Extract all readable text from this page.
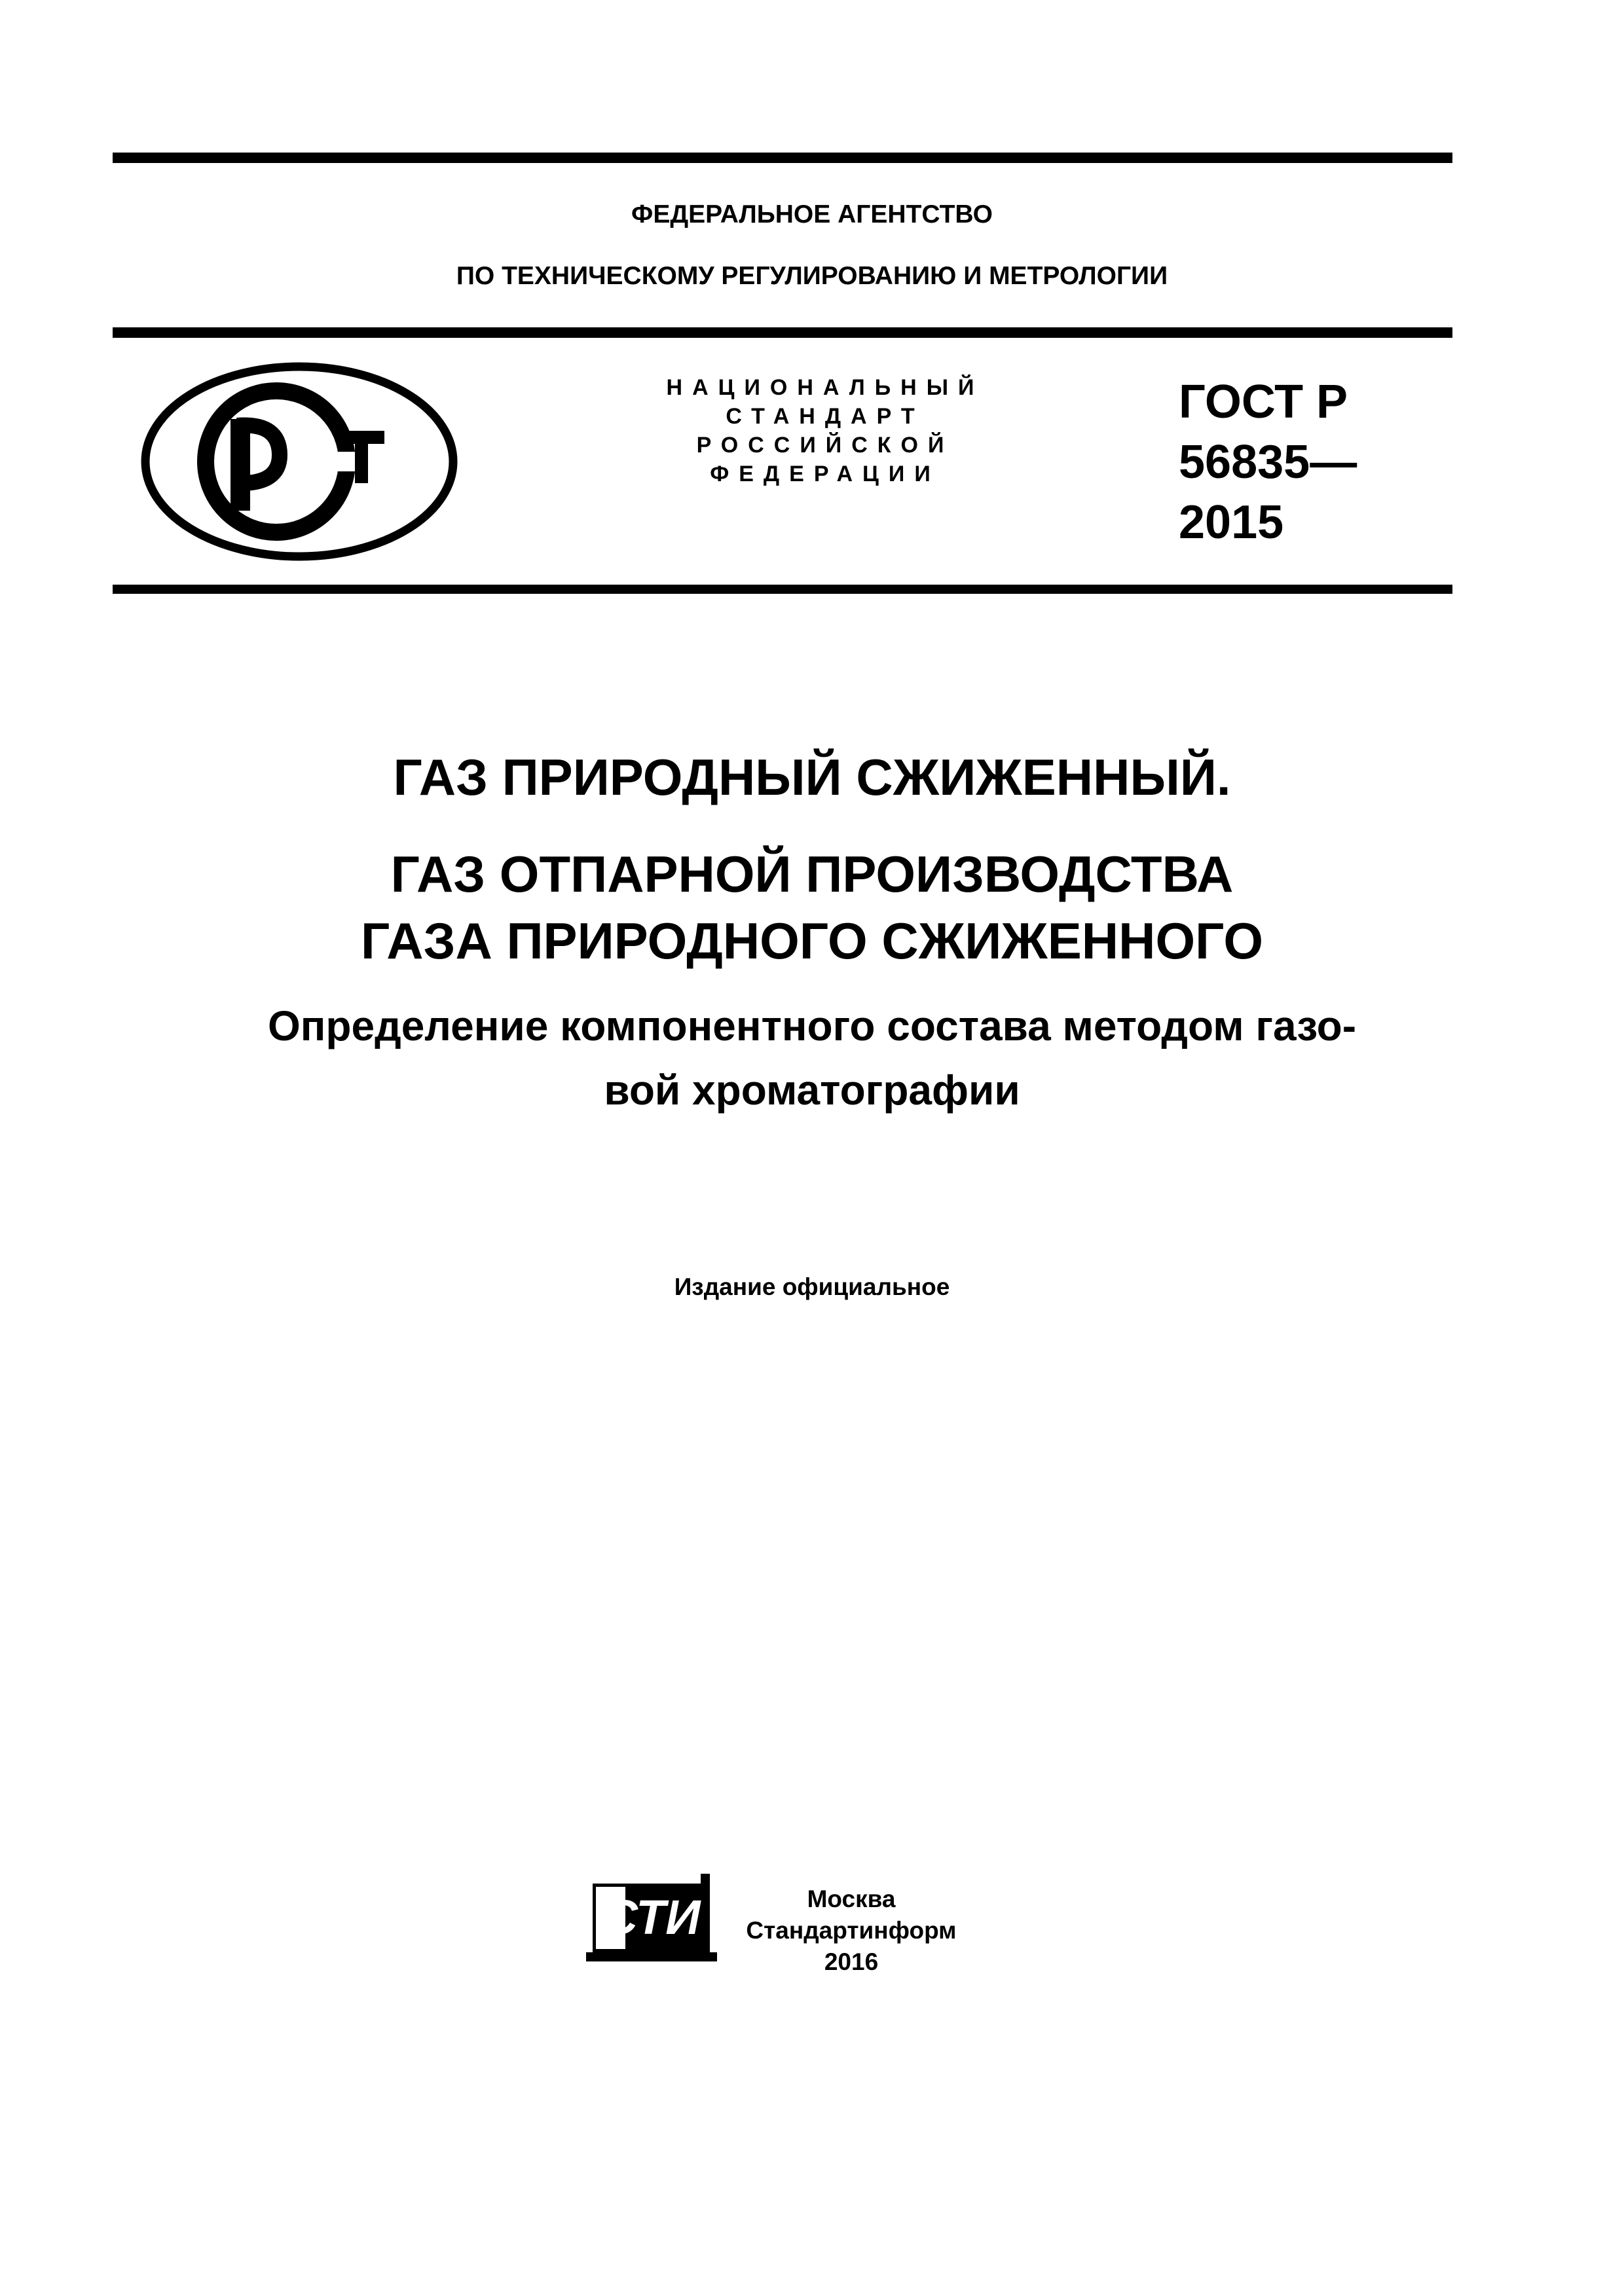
ФЕДЕРАЛЬНОЕ АГЕНТСТВО
ПО ТЕХНИЧЕСКОМУ РЕГУЛИРОВАНИЮ И МЕТРОЛОГИИ
НАЦИОНАЛЬНЫЙ
СТАНДАРТ
РОССИЙСКОЙ
ФЕДЕРАЦИИ
ГОСТ Р
56835—
2015
ГАЗ ПРИРОДНЫЙ СЖИЖЕННЫЙ.
ГАЗ ОТПАРНОЙ ПРОИЗВОДСТВА
ГАЗА ПРИРОДНОГО СЖИЖЕННОГО
Определение компонентного состава методом газо-
вой хроматографии
Издание официальное
СТИ	Москва
Стандартинформ
2016
